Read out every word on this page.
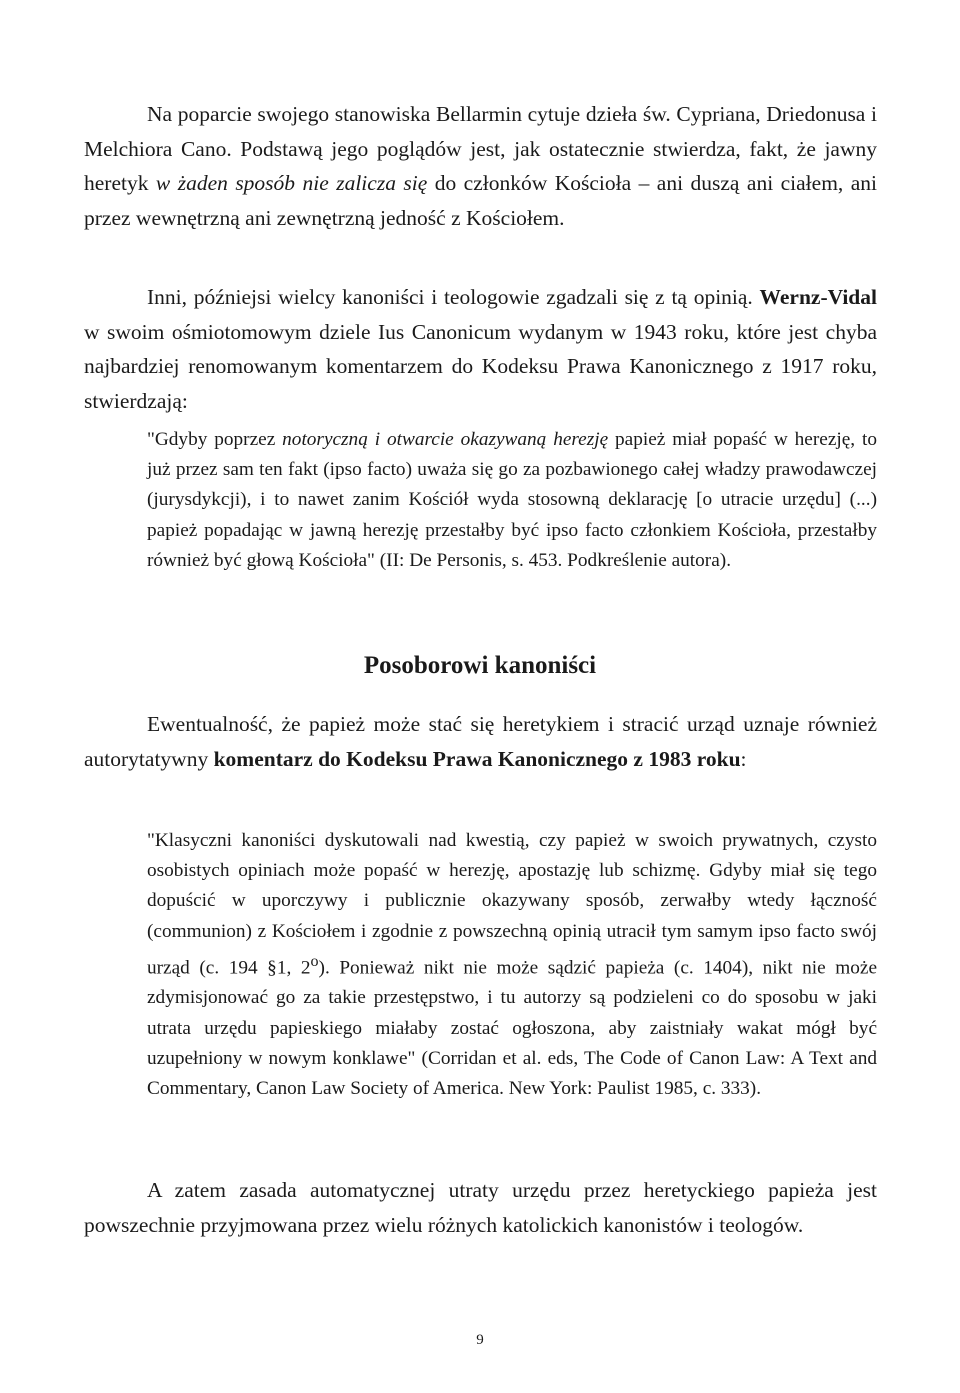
Na poparcie swojego stanowiska Bellarmin cytuje dzieła św. Cypriana, Driedonusa i Melchiora Cano. Podstawą jego poglądów jest, jak ostatecznie stwierdza, fakt, że jawny heretyk w żaden sposób nie zalicza się do członków Kościoła – ani duszą ani ciałem, ani przez wewnętrzną ani zewnętrzną jedność z Kościołem.

Inni, późniejsi wielcy kanoniści i teologowie zgadzali się z tą opinią. Wernz-Vidal w swoim ośmiotomowym dziele Ius Canonicum wydanym w 1943 roku, które jest chyba najbardziej renomowanym komentarzem do Kodeksu Prawa Kanonicznego z 1917 roku, stwierdzają:

"Gdyby poprzez notoryczną i otwarcie okazywaną herezję papież miał popaść w herezję, to już przez sam ten fakt (ipso facto) uważa się go za pozbawionego całej władzy prawodawczej (jurysdykcji), i to nawet zanim Kościół wyda stosowną deklarację [o utracie urzędu] (...) papież popadając w jawną herezję przestałby być ipso facto członkiem Kościoła, przestałby również być głową Kościoła" (II: De Personis, s. 453. Podkreślenie autora).

Posoborowi kanoniści

Ewentualność, że papież może stać się heretykiem i stracić urząd uznaje również autorytatywny komentarz do Kodeksu Prawa Kanonicznego z 1983 roku:

"Klasyczni kanoniści dyskutowali nad kwestią, czy papież w swoich prywatnych, czysto osobistych opiniach może popaść w herezję, apostazję lub schizmę. Gdyby miał się tego dopuścić w uporczywy i publicznie okazywany sposób, zerwałby wtedy łączność (communion) z Kościołem i zgodnie z powszechną opinią utracił tym samym ipso facto swój urząd (c. 194 §1, 2$^o$). Ponieważ nikt nie może sądzić papieża (c. 1404), nikt nie może zdymisjonować go za takie przestępstwo, i tu autorzy są podzieleni co do sposobu w jaki utrata urzędu papieskiego miałaby zostać ogłoszona, aby zaistniały wakat mógł być uzupełniony w nowym konklawe" (Corridan et al. eds, The Code of Canon Law: A Text and Commentary, Canon Law Society of America. New York: Paulist 1985, c. 333).

A zatem zasada automatycznej utraty urzędu przez heretyckiego papieża jest powszechnie przyjmowana przez wielu różnych katolickich kanonistów i teologów.

9
